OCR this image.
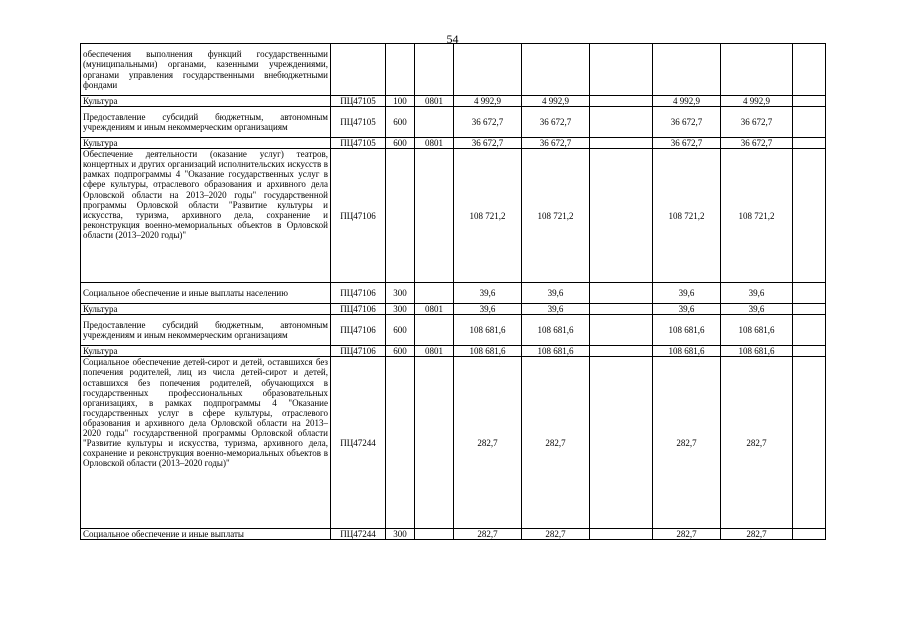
54
обеспечения выполнения функций государственными (муниципальными) органами, казенными учреждениями, органами управления государственными внебюджетными фондами									
Культура	ПЦ47105	100	0801	4 992,9	4 992,9		4 992,9	4 992,9	
Предоставление субсидий бюджетным, автономным учреждениям и иным некоммерческим организациям	ПЦ47105	600		36 672,7	36 672,7		36 672,7	36 672,7	
Культура	ПЦ47105	600	0801	36 672,7	36 672,7		36 672,7	36 672,7	
Обеспечение деятельности (оказание услуг) театров, концертных и других организаций исполнительских искусств в рамках подпрограммы 4 "Оказание государственных услуг в сфере культуры, отраслевого образования и архивного дела Орловской области на 2013–2020 годы" государственной программы Орловской области "Развитие культуры и искусства, туризма, архивного дела, сохранение и реконструкция военно-мемориальных объектов в Орловской области (2013–2020 годы)"	ПЦ47106			108 721,2	108 721,2		108 721,2	108 721,2	
Социальное обеспечение и иные выплаты населению	ПЦ47106	300		39,6	39,6		39,6	39,6	
Культура	ПЦ47106	300	0801	39,6	39,6		39,6	39,6	
Предоставление субсидий бюджетным, автономным учреждениям и иным некоммерческим организациям	ПЦ47106	600		108 681,6	108 681,6		108 681,6	108 681,6	
Культура	ПЦ47106	600	0801	108 681,6	108 681,6		108 681,6	108 681,6	
Социальное обеспечение детей-сирот и детей, оставшихся без попечения родителей, лиц из числа детей-сирот и детей, оставшихся без попечения родителей, обучающихся в государственных профессиональных образовательных организациях, в рамках подпрограммы 4 "Оказание государственных услуг в сфере культуры, отраслевого образования и архивного дела Орловской области на 2013–2020 годы" государственной программы Орловской области "Развитие культуры и искусства, туризма, архивного дела, сохранение и реконструкция военно-мемориальных объектов в Орловской области (2013–2020 годы)"	ПЦ47244			282,7	282,7		282,7	282,7	
Социальное обеспечение и иные выплаты	ПЦ47244	300		282,7	282,7		282,7	282,7	
